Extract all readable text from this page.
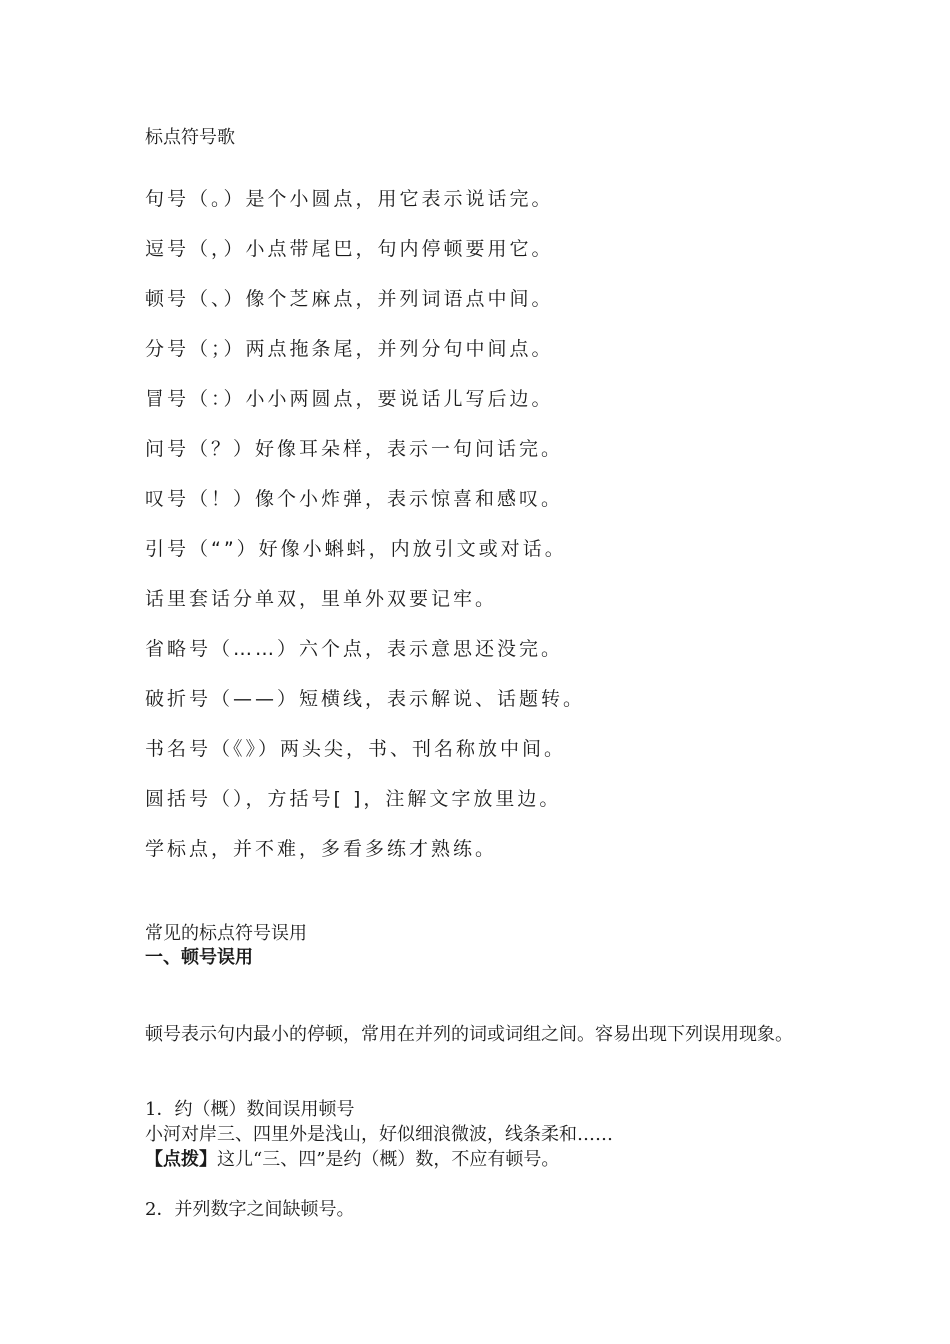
标点符号歌
句号（。）是个小圆点，用它表示说话完。
逗号（，）小点带尾巴，句内停顿要用它。
顿号（、）像个芝麻点，并列词语点中间。
分号（；）两点拖条尾，并列分句中间点。
冒号（：）小小两圆点，要说话儿写后边。
问号（？）好像耳朵样，表示一句问话完。
叹号（！）像个小炸弹，表示惊喜和感叹。
引号（“”）好像小蝌蚪，内放引文或对话。
话里套话分单双，里单外双要记牢。
省略号（……）六个点，表示意思还没完。
破折号（——）短横线，表示解说、话题转。
书名号（《》）两头尖，书、刊名称放中间。
圆括号（），方括号[ ]，注解文字放里边。
学标点，并不难，多看多练才熟练。
常见的标点符号误用
一、顿号误用
顿号表示句内最小的停顿，常用在并列的词或词组之间。容易出现下列误用现象。
1．约（概）数间误用顿号
小河对岸三、四里外是浅山，好似细浪微波，线条柔和……
【点拨】这儿“三、四”是约（概）数，不应有顿号。
2．并列数字之间缺顿号。
